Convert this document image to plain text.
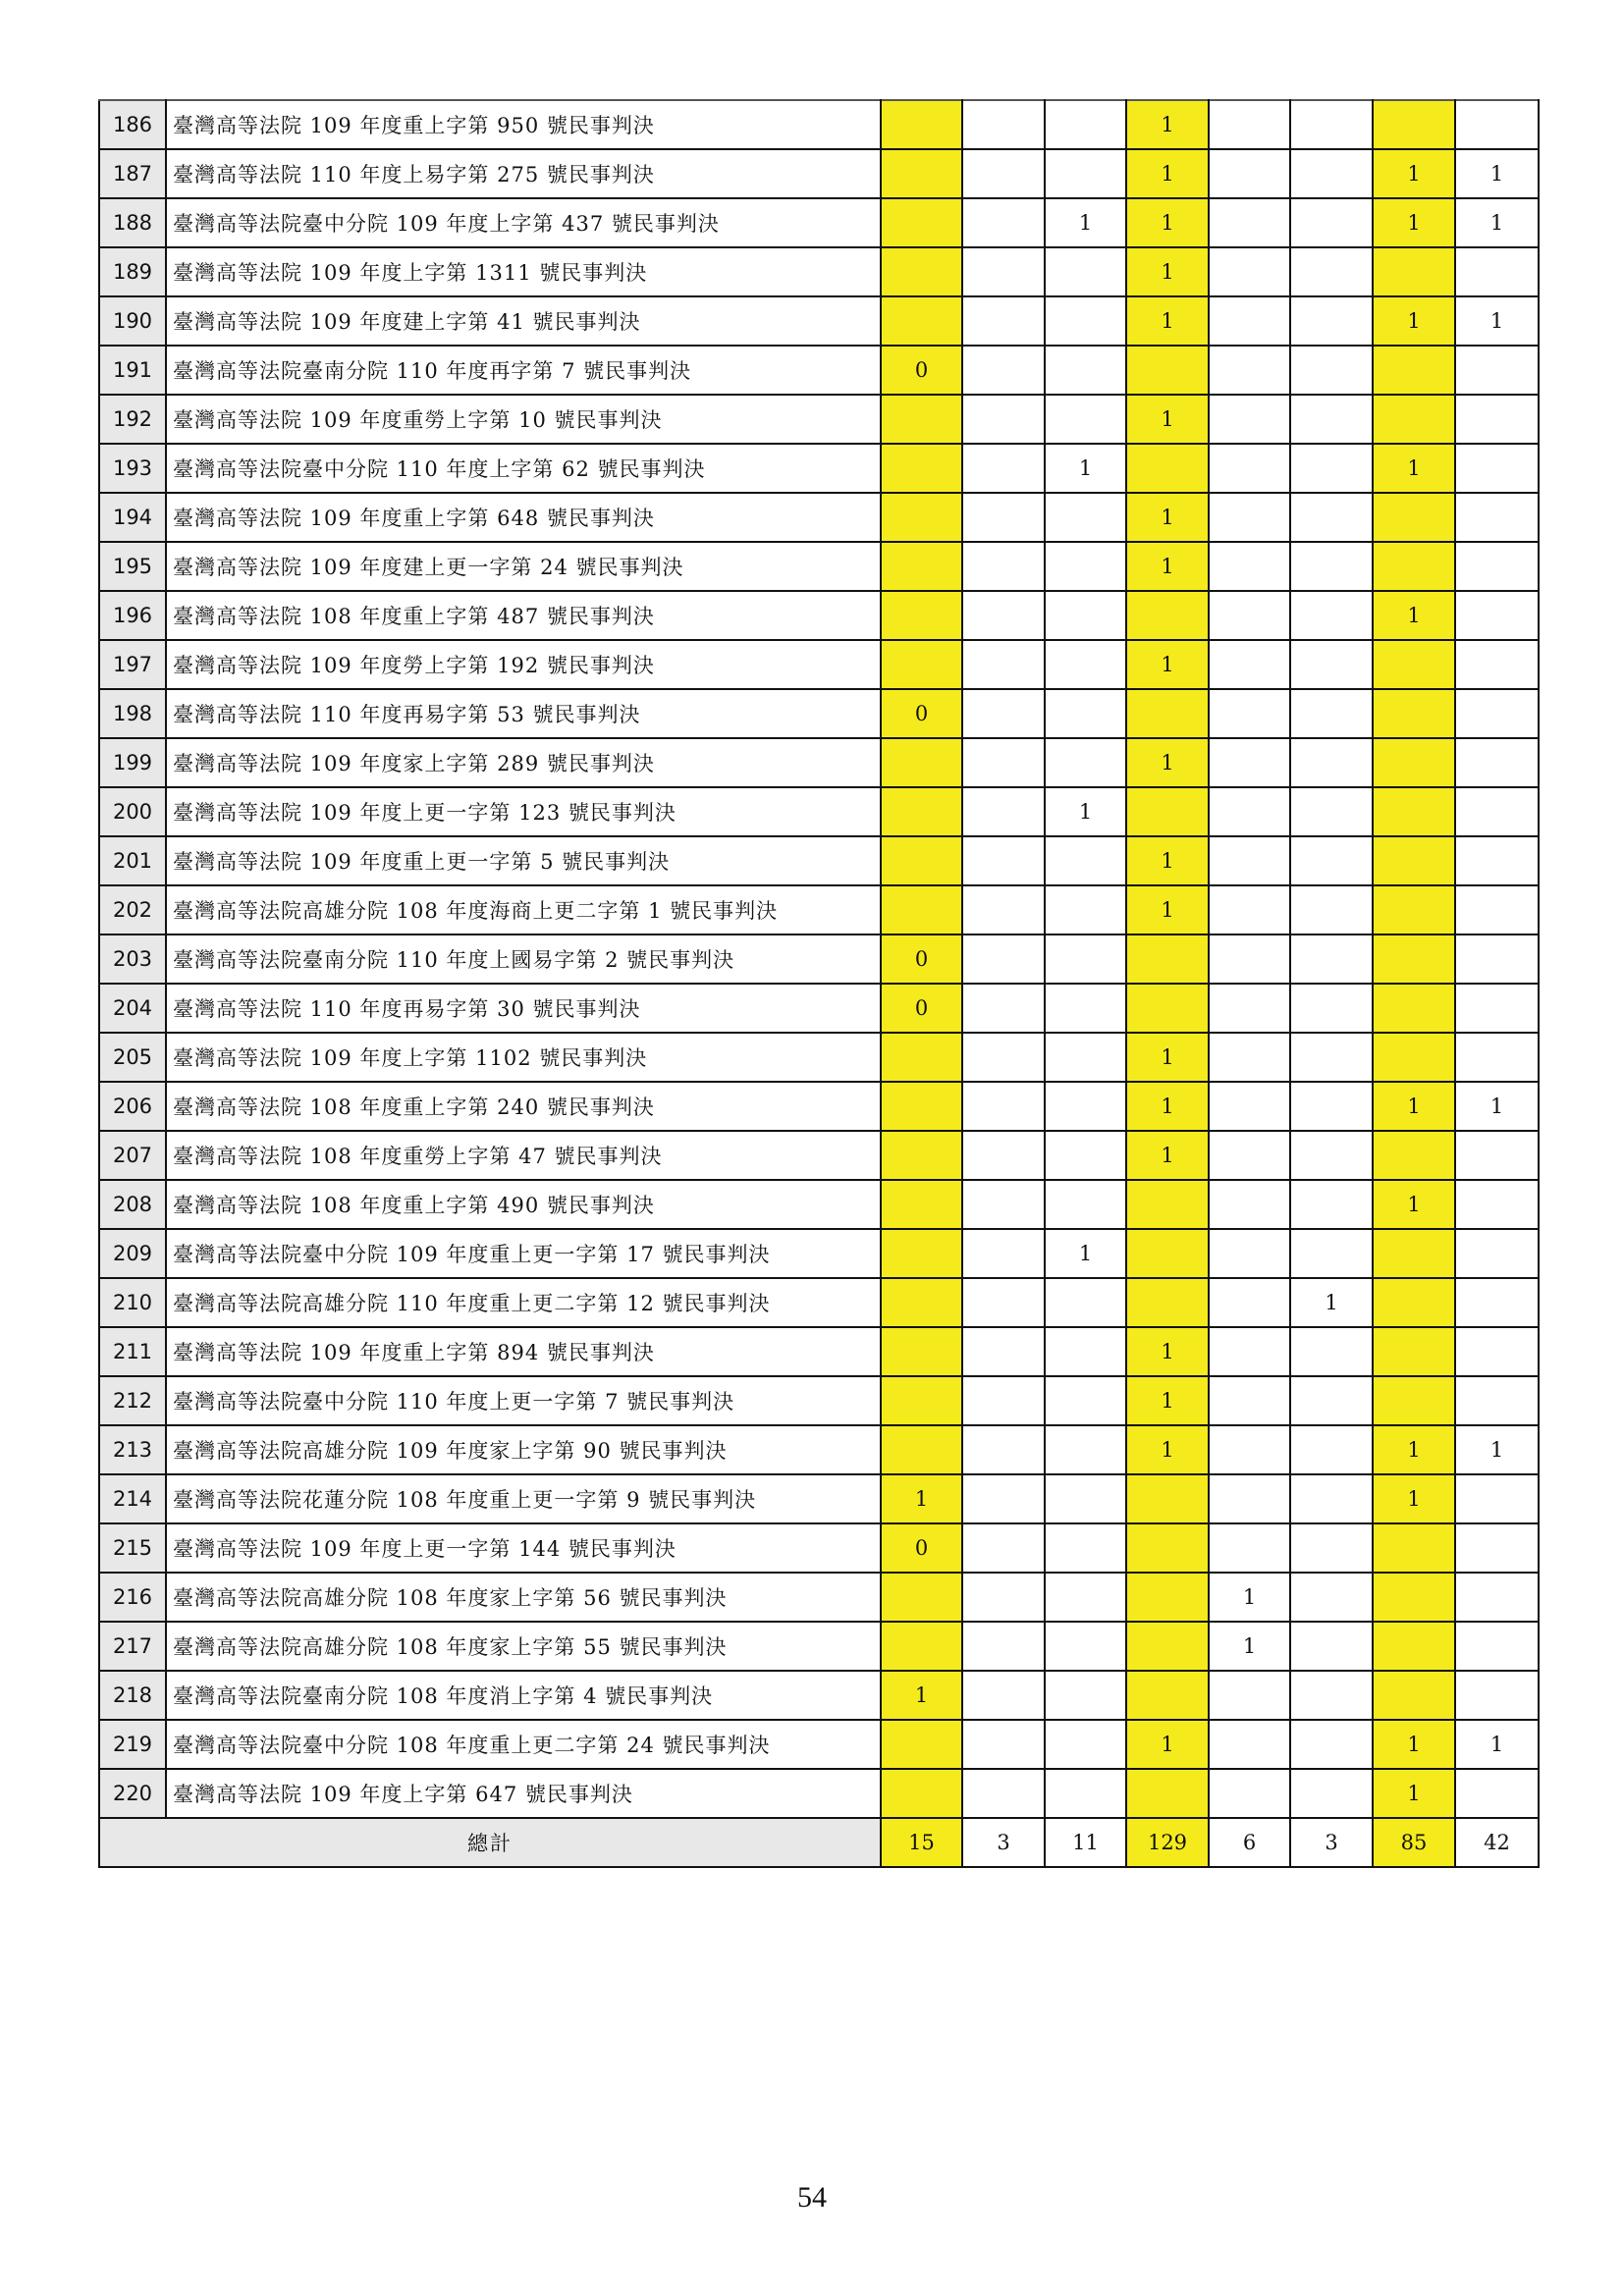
186	臺灣高等法院 109 年度重上字第 950 號民事判決				1				
187	臺灣高等法院 110 年度上易字第 275 號民事判決				1			1	1
188	臺灣高等法院臺中分院 109 年度上字第 437 號民事判決			1	1			1	1
189	臺灣高等法院 109 年度上字第 1311 號民事判決				1				
190	臺灣高等法院 109 年度建上字第 41 號民事判決				1			1	1
191	臺灣高等法院臺南分院 110 年度再字第 7 號民事判決	0							
192	臺灣高等法院 109 年度重勞上字第 10 號民事判決				1				
193	臺灣高等法院臺中分院 110 年度上字第 62 號民事判決			1				1	
194	臺灣高等法院 109 年度重上字第 648 號民事判決				1				
195	臺灣高等法院 109 年度建上更一字第 24 號民事判決				1				
196	臺灣高等法院 108 年度重上字第 487 號民事判決							1	
197	臺灣高等法院 109 年度勞上字第 192 號民事判決				1				
198	臺灣高等法院 110 年度再易字第 53 號民事判決	0							
199	臺灣高等法院 109 年度家上字第 289 號民事判決				1				
200	臺灣高等法院 109 年度上更一字第 123 號民事判決			1					
201	臺灣高等法院 109 年度重上更一字第 5 號民事判決				1				
202	臺灣高等法院高雄分院 108 年度海商上更二字第 1 號民事判決				1				
203	臺灣高等法院臺南分院 110 年度上國易字第 2 號民事判決	0							
204	臺灣高等法院 110 年度再易字第 30 號民事判決	0							
205	臺灣高等法院 109 年度上字第 1102 號民事判決				1				
206	臺灣高等法院 108 年度重上字第 240 號民事判決				1			1	1
207	臺灣高等法院 108 年度重勞上字第 47 號民事判決				1				
208	臺灣高等法院 108 年度重上字第 490 號民事判決							1	
209	臺灣高等法院臺中分院 109 年度重上更一字第 17 號民事判決			1					
210	臺灣高等法院高雄分院 110 年度重上更二字第 12 號民事判決						1		
211	臺灣高等法院 109 年度重上字第 894 號民事判決				1				
212	臺灣高等法院臺中分院 110 年度上更一字第 7 號民事判決				1				
213	臺灣高等法院高雄分院 109 年度家上字第 90 號民事判決				1			1	1
214	臺灣高等法院花蓮分院 108 年度重上更一字第 9 號民事判決	1						1	
215	臺灣高等法院 109 年度上更一字第 144 號民事判決	0							
216	臺灣高等法院高雄分院 108 年度家上字第 56 號民事判決					1			
217	臺灣高等法院高雄分院 108 年度家上字第 55 號民事判決					1			
218	臺灣高等法院臺南分院 108 年度消上字第 4 號民事判決	1							
219	臺灣高等法院臺中分院 108 年度重上更二字第 24 號民事判決				1			1	1
220	臺灣高等法院 109 年度上字第 647 號民事判決							1	
總計		15	3	11	129	6	3	85	42
54
